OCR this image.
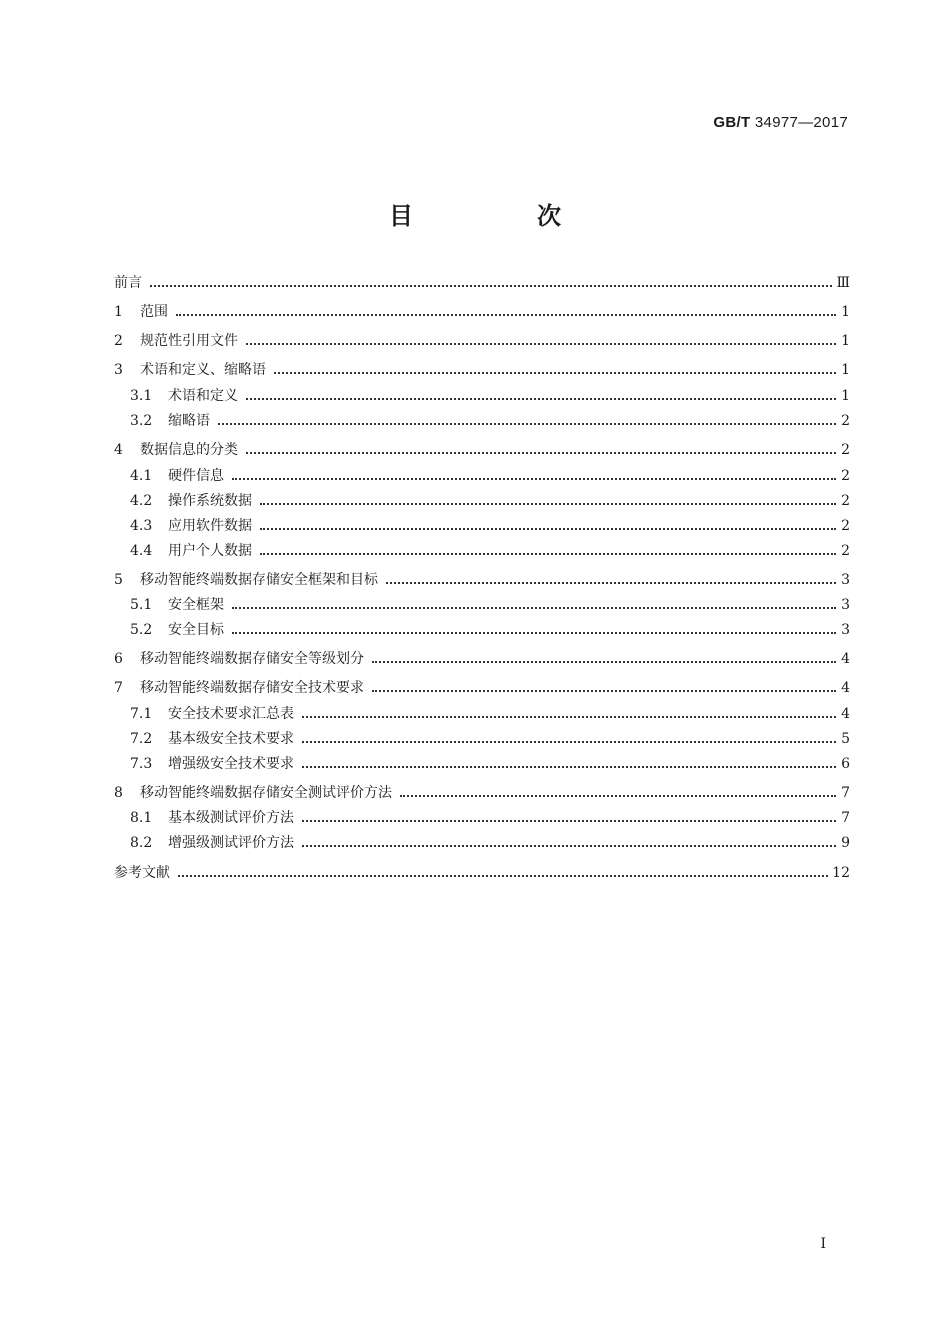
GB/T 34977—2017
目　次
前言	Ⅲ
1	范围	1
2	规范性引用文件	1
3	术语和定义、缩略语	1
3.1	术语和定义	1
3.2	缩略语	2
4	数据信息的分类	2
4.1	硬件信息	2
4.2	操作系统数据	2
4.3	应用软件数据	2
4.4	用户个人数据	2
5	移动智能终端数据存储安全框架和目标	3
5.1	安全框架	3
5.2	安全目标	3
6	移动智能终端数据存储安全等级划分	4
7	移动智能终端数据存储安全技术要求	4
7.1	安全技术要求汇总表	4
7.2	基本级安全技术要求	5
7.3	增强级安全技术要求	6
8	移动智能终端数据存储安全测试评价方法	7
8.1	基本级测试评价方法	7
8.2	增强级测试评价方法	9
参考文献	12
Ⅰ
